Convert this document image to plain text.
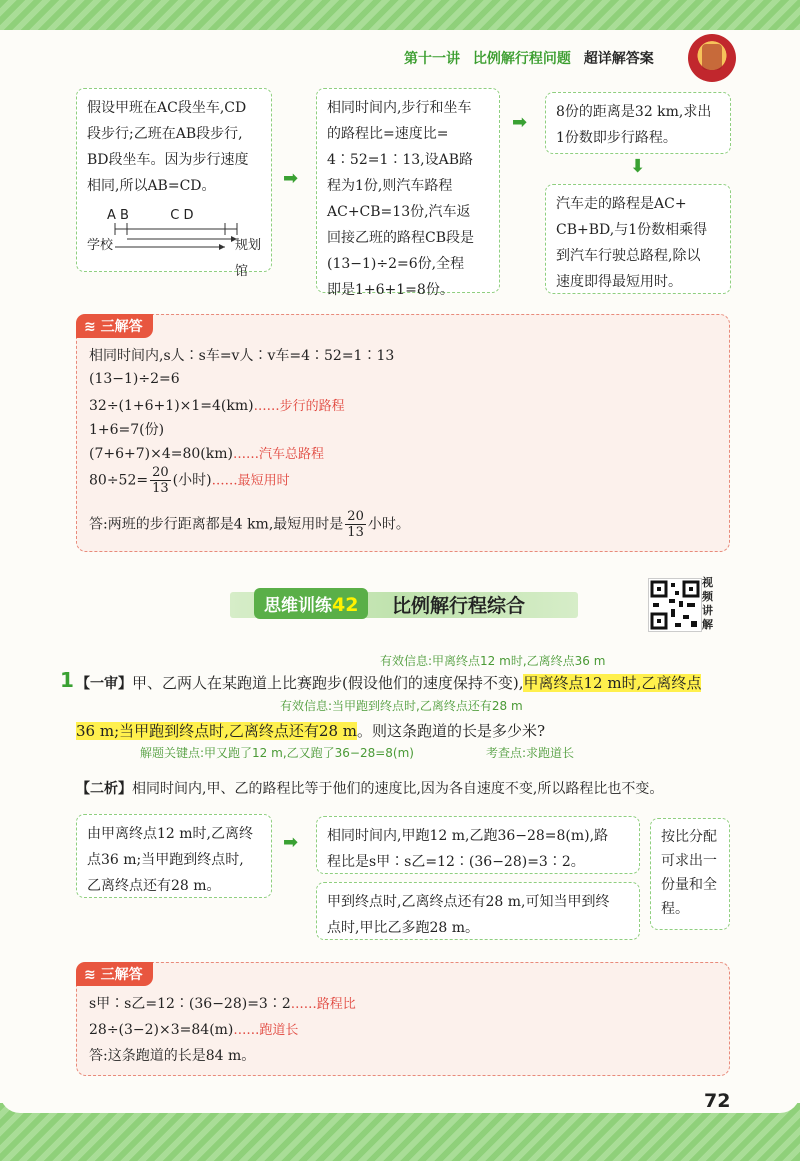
第十一讲 比例解行程问题 超详解答案
假设甲班在AC段坐车,CD
段步行;乙班在AB段步行,
BD段坐车。因为步行速度
相同,所以AB=CD。
A B          C D
学校	规划馆
➡
相同时间内,步行和坐车
的路程比=速度比=
4∶52=1∶13,设AB路
程为1份,则汽车路程
AC+CB=13份,汽车返
回接乙班的路程CB段是
(13−1)÷2=6份,全程
即是1+6+1=8份。
➡ 8份的距离是32 km,求出
1份数即步行路程。
⬇
汽车走的路程是AC+
CB+BD,与1份数相乘得
到汽车行驶总路程,除以
速度即得最短用时。
≋ 三解答
相同时间内,s人∶s车=v人∶v车=4∶52=1∶13
(13−1)÷2=6
32÷(1+6+1)×1=4(km)……步行的路程
1+6=7(份)
(7+6+7)×4=80(km)……汽车总路程
$80\div 52= \frac{20}{13}$ (小时)……最短用时
答:两班的步行距离都是4 km,最短用时是 $\frac{20}{13}$ 小时。
思维训练42	比例解行程综合
视频讲解
有效信息:甲离终点12 m时,乙离终点36 m
1 【一审】甲、乙两人在某跑道上比赛跑步(假设他们的速度保持不变),甲离终点12 m时,乙离终点
有效信息:当甲跑到终点时,乙离终点还有28 m
36 m;当甲跑到终点时,乙离终点还有28 m。则这条跑道的长是多少米?
解题关键点:甲又跑了12 m,乙又跑了36−28=8(m)	考查点:求跑道长
【二析】相同时间内,甲、乙的路程比等于他们的速度比,因为各自速度不变,所以路程比也不变。
由甲离终点12 m时,乙离终
点36 m;当甲跑到终点时,
乙离终点还有28 m。
➡ 相同时间内,甲跑12 m,乙跑36−28=8(m),路
程比是s甲∶s乙=12∶(36−28)=3∶2。
甲到终点时,乙离终点还有28 m,可知当甲到终
点时,甲比乙多跑28 m。
按比分配
可求出一
份量和全
程。
≋ 三解答
s甲∶s乙=12∶(36−28)=3∶2……路程比
28÷(3−2)×3=84(m)……跑道长
答:这条跑道的长是84 m。
72
